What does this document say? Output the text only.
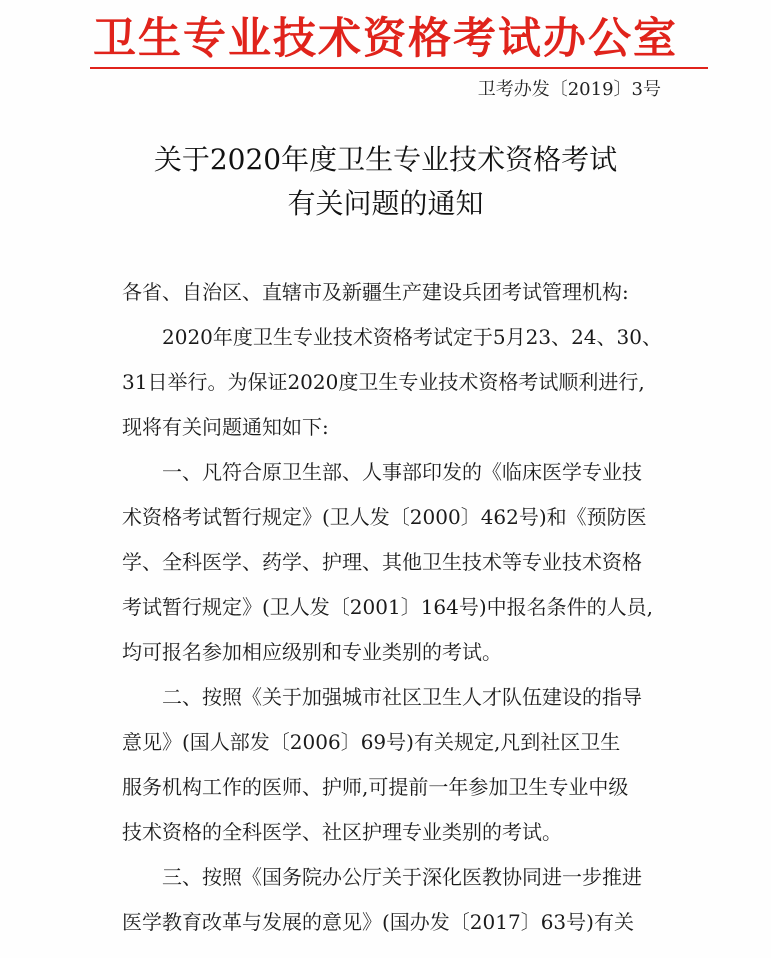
卫生专业技术资格考试办公室
卫考办发〔2019〕3号
关于2020年度卫生专业技术资格考试
有关问题的通知
各省、自治区、直辖市及新疆生产建设兵团考试管理机构:
2020年度卫生专业技术资格考试定于5月23、24、30、
31日举行。为保证2020度卫生专业技术资格考试顺利进行,
现将有关问题通知如下:
一、凡符合原卫生部、人事部印发的《临床医学专业技
术资格考试暂行规定》(卫人发〔2000〕462号)和《预防医
学、全科医学、药学、护理、其他卫生技术等专业技术资格
考试暂行规定》(卫人发〔2001〕164号)中报名条件的人员,
均可报名参加相应级别和专业类别的考试。
二、按照《关于加强城市社区卫生人才队伍建设的指导
意见》(国人部发〔2006〕69号)有关规定,凡到社区卫生
服务机构工作的医师、护师,可提前一年参加卫生专业中级
技术资格的全科医学、社区护理专业类别的考试。
三、按照《国务院办公厅关于深化医教协同进一步推进
医学教育改革与发展的意见》(国办发〔2017〕63号)有关
